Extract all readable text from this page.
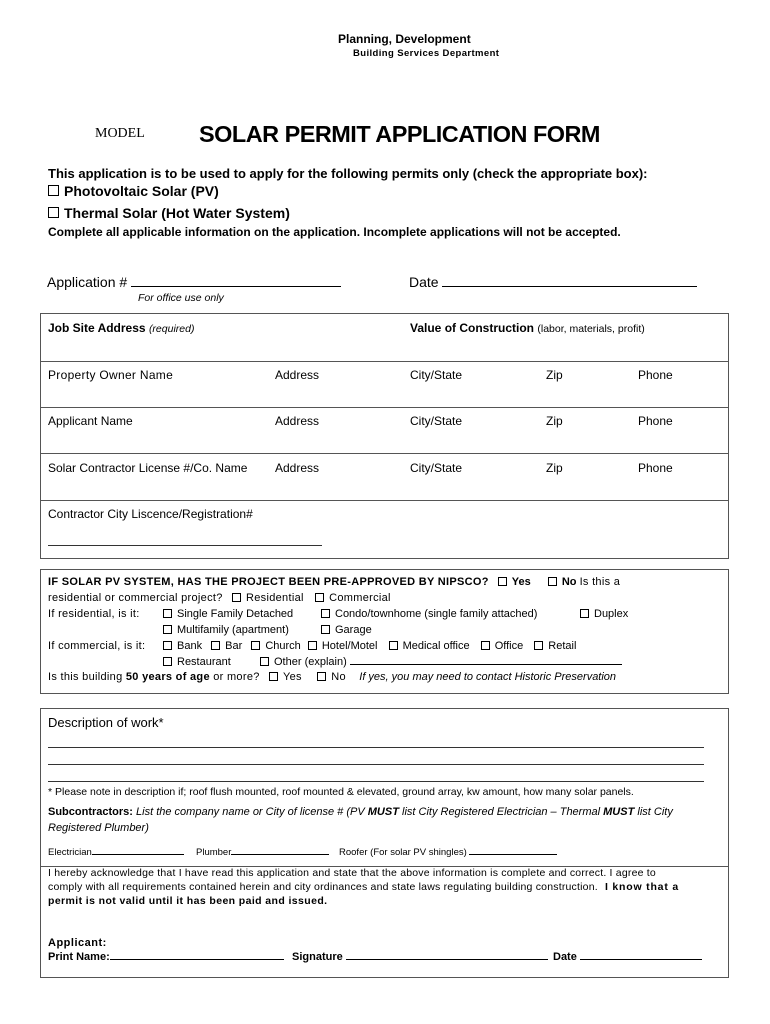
Planning, Development
Building Services Department
MODEL SOLAR PERMIT APPLICATION FORM
This application is to be used to apply for the following permits only (check the appropriate box):
Photovoltaic Solar (PV)
Thermal Solar (Hot Water System)
Complete all applicable information on the application. Incomplete applications will not be accepted.
Application #	Date
For office use only
Job Site Address (required)	Value of Construction (labor, materials, profit)
Property Owner Name	Address	City/State	Zip	Phone
Applicant Name	Address	City/State	Zip	Phone
Solar Contractor License #/Co. Name Address	City/State	Zip	Phone
Contractor City Liscence/Registration#
IF SOLAR PV SYSTEM, HAS THE PROJECT BEEN PRE-APPROVED BY NIPSCO? Yes	No Is this a
residential or commercial project? Residential Commercial
If residential, is it:	Single Family Detached	Condo/townhome (single family attached)	Duplex
Multifamily (apartment)	Garage
If commercial, is it:	Bank Bar Church Hotel/Motel Medical office Office Retail
Restaurant	Other (explain)
Is this building 50 years of age or more? Yes	No If yes, you may need to contact Historic Preservation
Description of work*
* Please note in description if; roof flush mounted, roof mounted & elevated, ground array, kw amount, how many solar panels.
Subcontractors: List the company name or City of license # (PV MUST list City Registered Electrician – Thermal MUST list City
Registered Plumber)
Electrician	Plumber	Roofer (For solar PV shingles)
I hereby acknowledge that I have read this application and state that the above information is complete and correct. I agree to
comply with all requirements contained herein and city ordinances and state laws regulating building construction. I know that a
permit is not valid until it has been paid and issued.
Applicant:
Print Name:	Signature	Date
